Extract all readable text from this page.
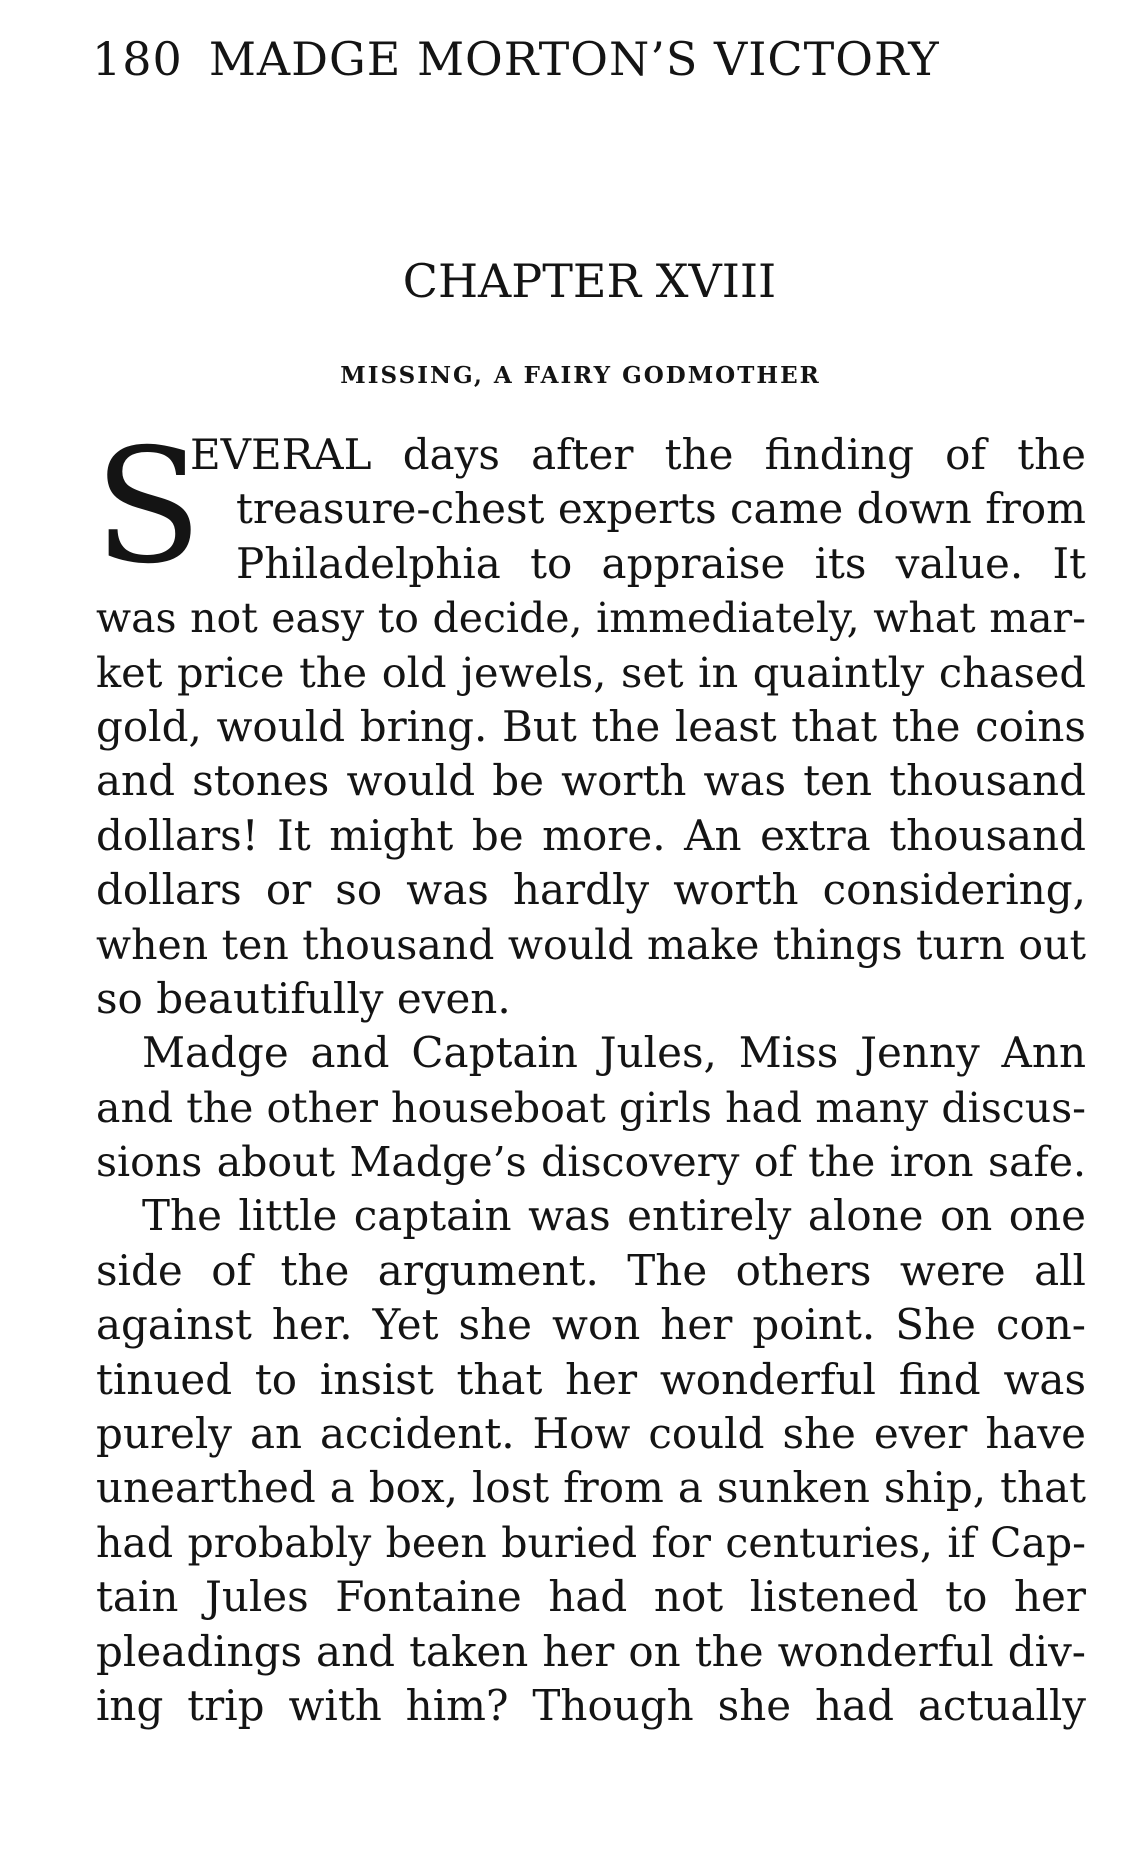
180 MADGE MORTON’S VICTORY
CHAPTER XVIII
MISSING, A FAIRY GODMOTHER
S
EVERAL days after the finding of the
treasure-chest experts came down from
Philadelphia to appraise its value. It
was not easy to decide, immediately, what mar-
ket price the old jewels, set in quaintly chased
gold, would bring. But the least that the coins
and stones would be worth was ten thousand
dollars! It might be more. An extra thousand
dollars or so was hardly worth considering,
when ten thousand would make things turn out
so beautifully even.
Madge and Captain Jules, Miss Jenny Ann
and the other houseboat girls had many discus-
sions about Madge’s discovery of the iron safe.
The little captain was entirely alone on one
side of the argument. The others were all
against her. Yet she won her point. She con-
tinued to insist that her wonderful find was
purely an accident. How could she ever have
unearthed a box, lost from a sunken ship, that
had probably been buried for centuries, if Cap-
tain Jules Fontaine had not listened to her
pleadings and taken her on the wonderful div-
ing trip with him? Though she had actually
